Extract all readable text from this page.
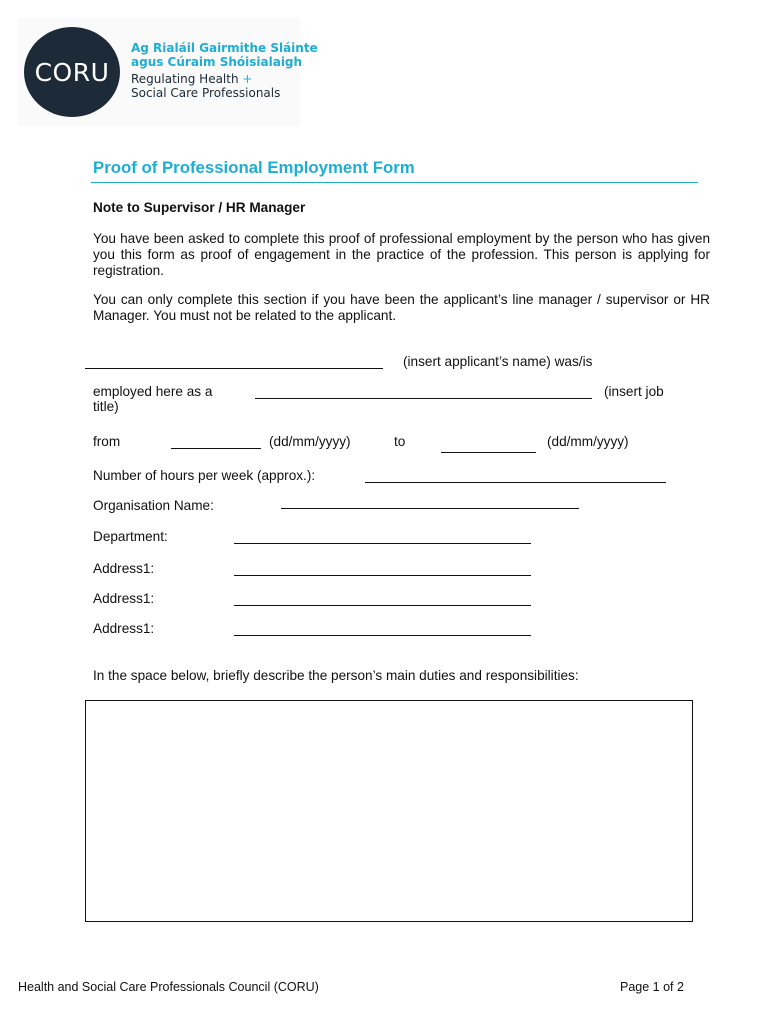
CORU
Ag Rialáil Gairmithe Sláinte
agus Cúraim Shóisialaigh
Regulating Health +
Social Care Professionals
Proof of Professional Employment Form
Note to Supervisor / HR Manager
You have been asked to complete this proof of professional employment by the person who has given you this form as proof of engagement in the practice of the profession. This person is applying for registration.
You can only complete this section if you have been the applicant’s line manager / supervisor or HR Manager. You must not be related to the applicant.
(insert applicant’s name) was/is
employed here as a	(insert job
title)
from	(dd/mm/yyyy)	to	(dd/mm/yyyy)
Number of hours per week (approx.):
Organisation Name:
Department:
Address1:
Address1:
Address1:
In the space below, briefly describe the person’s main duties and responsibilities:
Health and Social Care Professionals Council (CORU)	Page 1 of 2
